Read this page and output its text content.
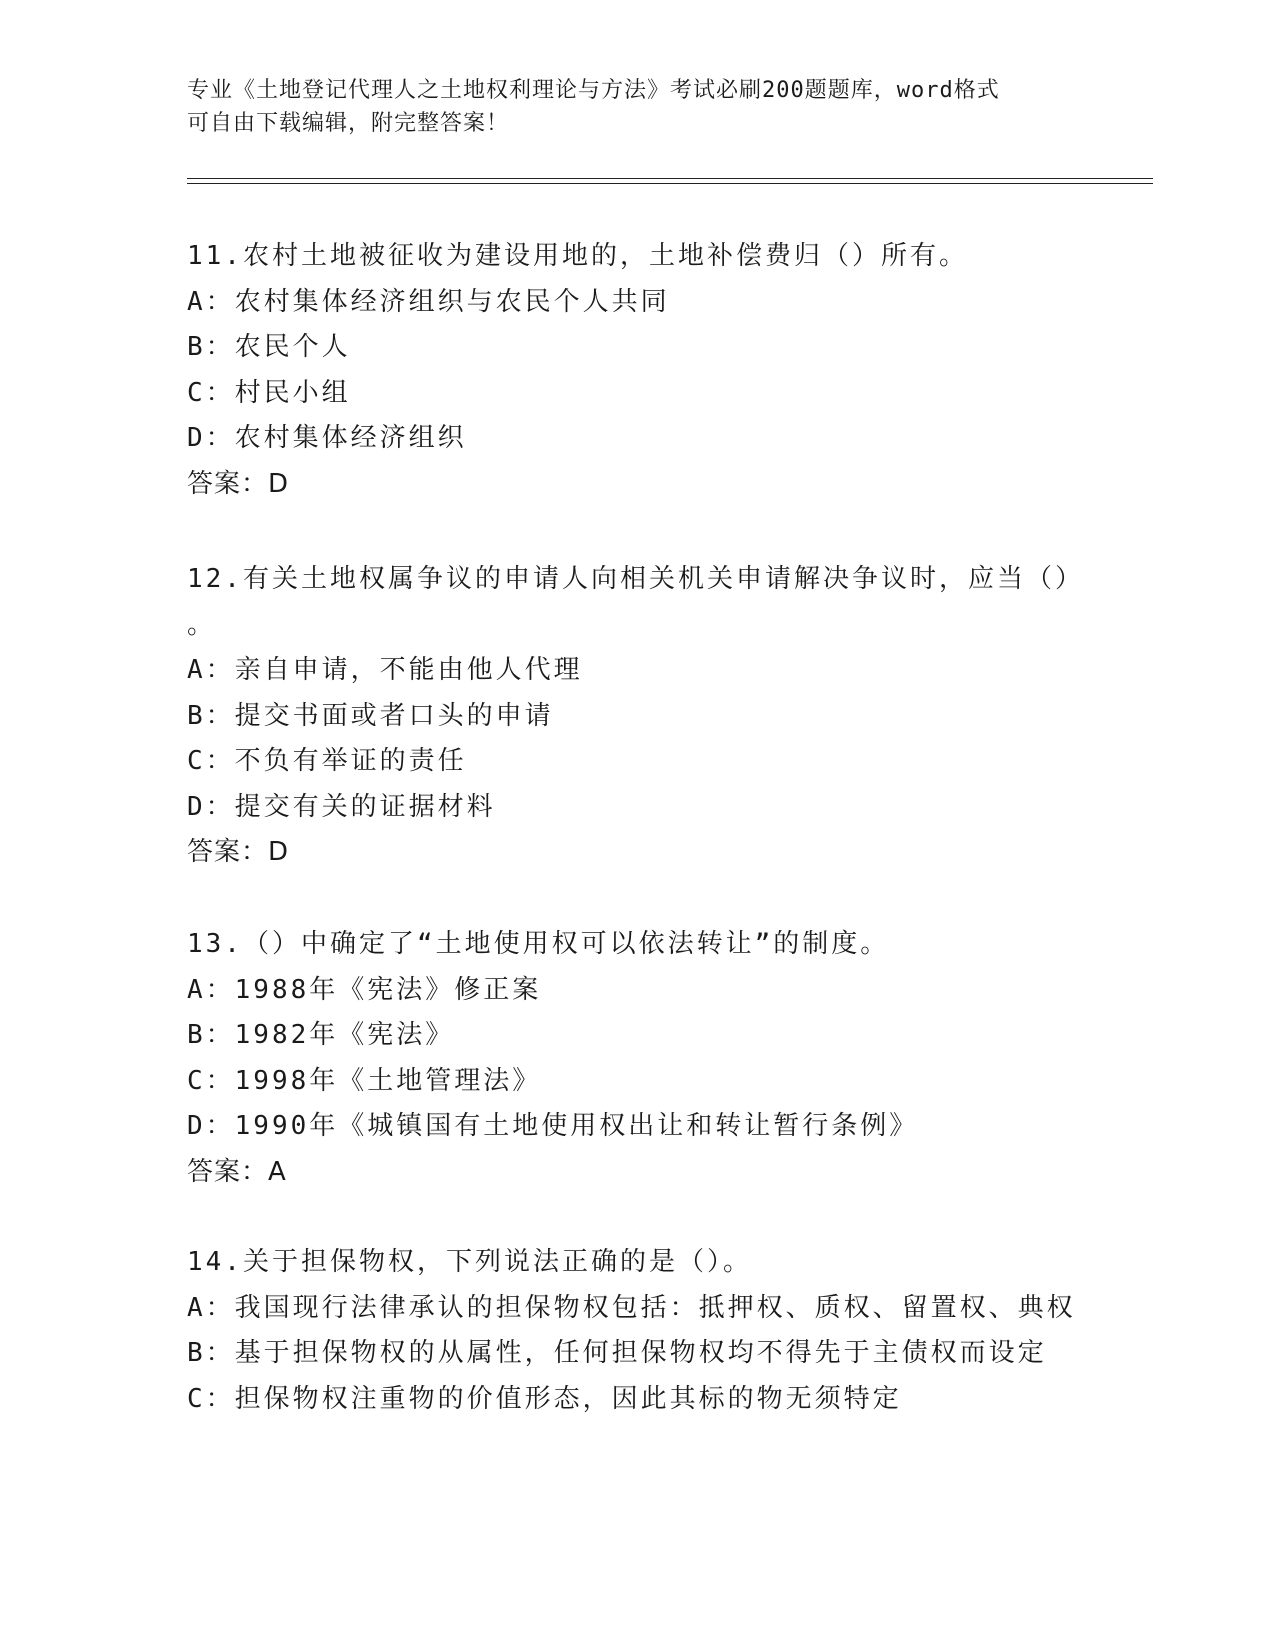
专业《土地登记代理人之土地权利理论与方法》考试必刷200题题库，word格式
可自由下载编辑，附完整答案！
11.农村土地被征收为建设用地的，土地补偿费归（）所有。
A：农村集体经济组织与农民个人共同
B：农民个人
C：村民小组
D：农村集体经济组织
答案：D
12.有关土地权属争议的申请人向相关机关申请解决争议时，应当（）
。
A：亲自申请，不能由他人代理
B：提交书面或者口头的申请
C：不负有举证的责任
D：提交有关的证据材料
答案：D
13.（）中确定了“土地使用权可以依法转让”的制度。
A：1988年《宪法》修正案
B：1982年《宪法》
C：1998年《土地管理法》
D：1990年《城镇国有土地使用权出让和转让暂行条例》
答案：A
14.关于担保物权，下列说法正确的是（）。
A：我国现行法律承认的担保物权包括：抵押权、质权、留置权、典权
B：基于担保物权的从属性，任何担保物权均不得先于主债权而设定
C：担保物权注重物的价值形态，因此其标的物无须特定
